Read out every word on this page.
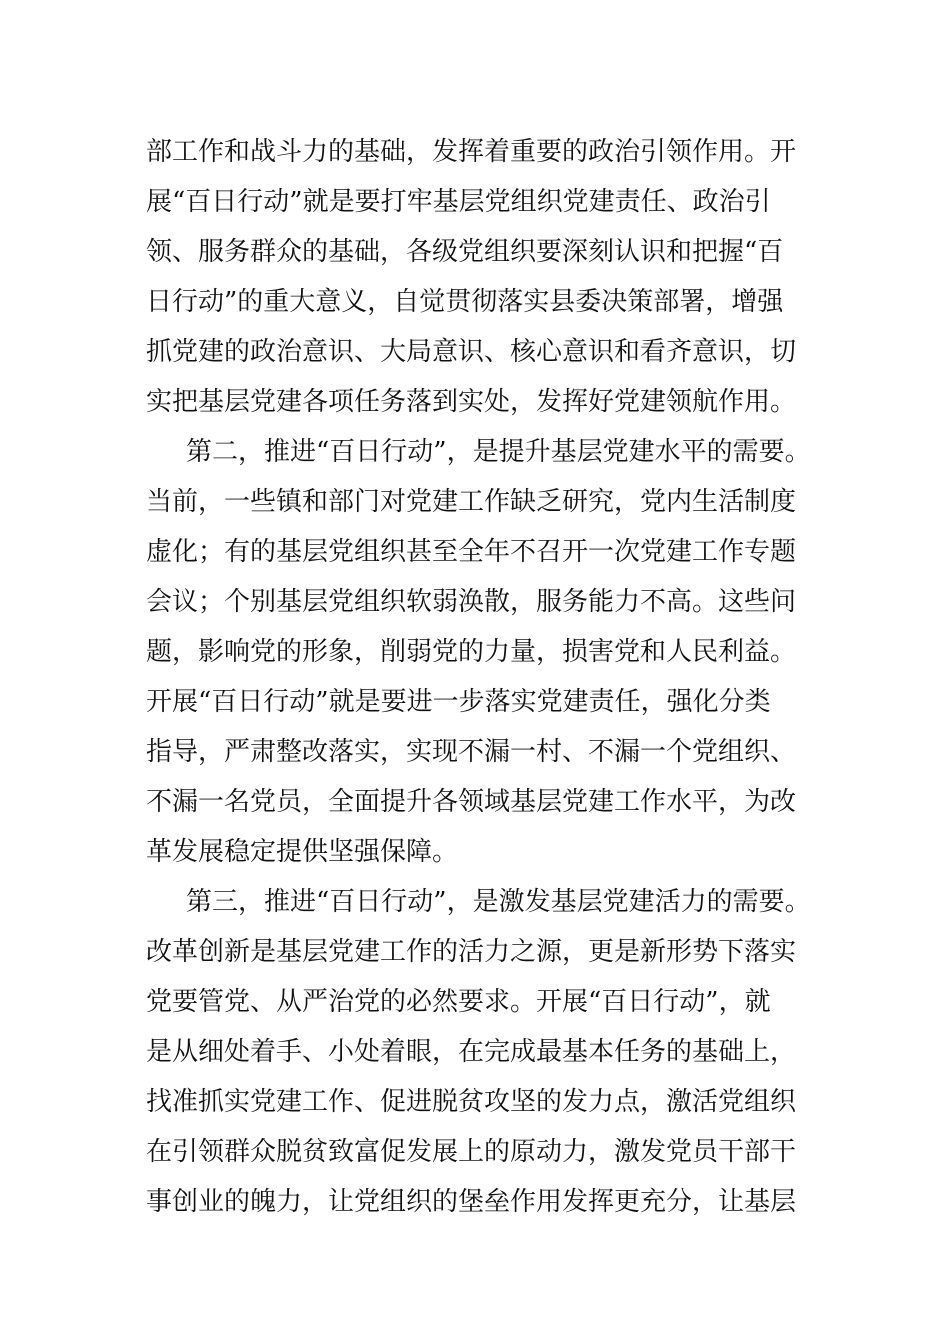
部工作和战斗力的基础，发挥着重要的政治引领作用。开
展“百日行动”就是要打牢基层党组织党建责任、政治引
领、服务群众的基础，各级党组织要深刻认识和把握“百
日行动”的重大意义，自觉贯彻落实县委决策部署，增强
抓党建的政治意识、大局意识、核心意识和看齐意识，切
实把基层党建各项任务落到实处，发挥好党建领航作用。
第二，推进“百日行动”，是提升基层党建水平的需要。
当前，一些镇和部门对党建工作缺乏研究，党内生活制度
虚化；有的基层党组织甚至全年不召开一次党建工作专题
会议；个别基层党组织软弱涣散，服务能力不高。这些问
题，影响党的形象，削弱党的力量，损害党和人民利益。
开展“百日行动”就是要进一步落实党建责任，强化分类
指导，严肃整改落实，实现不漏一村、不漏一个党组织、
不漏一名党员，全面提升各领域基层党建工作水平，为改
革发展稳定提供坚强保障。
第三，推进“百日行动”，是激发基层党建活力的需要。
改革创新是基层党建工作的活力之源，更是新形势下落实
党要管党、从严治党的必然要求。开展“百日行动”，就
是从细处着手、小处着眼，在完成最基本任务的基础上，
找准抓实党建工作、促进脱贫攻坚的发力点，激活党组织
在引领群众脱贫致富促发展上的原动力，激发党员干部干
事创业的魄力，让党组织的堡垒作用发挥更充分，让基层
